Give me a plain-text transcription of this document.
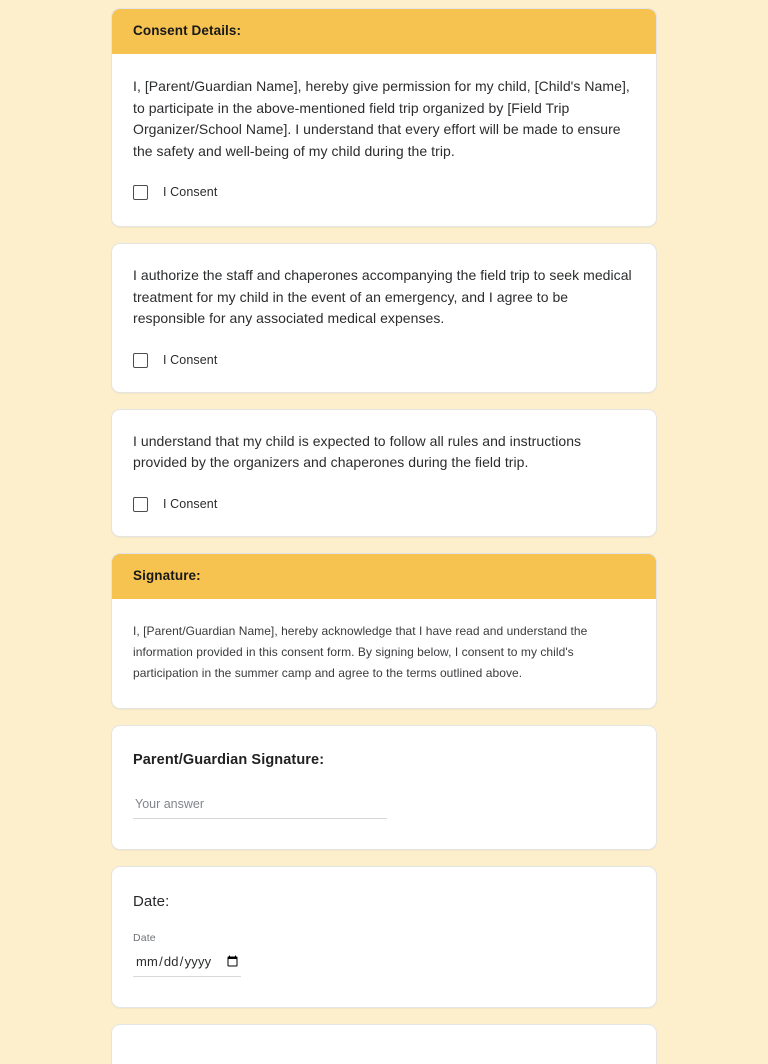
Consent Details:

I, [Parent/Guardian Name], hereby give permission for my child, [Child's Name], to participate in the above-mentioned field trip organized by [Field Trip Organizer/School Name]. I understand that every effort will be made to ensure the safety and well-being of my child during the trip.

I Consent

I authorize the staff and chaperones accompanying the field trip to seek medical treatment for my child in the event of an emergency, and I agree to be responsible for any associated medical expenses.

I Consent

I understand that my child is expected to follow all rules and instructions provided by the organizers and chaperones during the field trip.

I Consent
Signature:

I, [Parent/Guardian Name], hereby acknowledge that I have read and understand the information provided in this consent form. By signing below, I consent to my child's participation in the summer camp and agree to the terms outlined above.

Parent/Guardian Signature:
Your answer
Date:
Date
